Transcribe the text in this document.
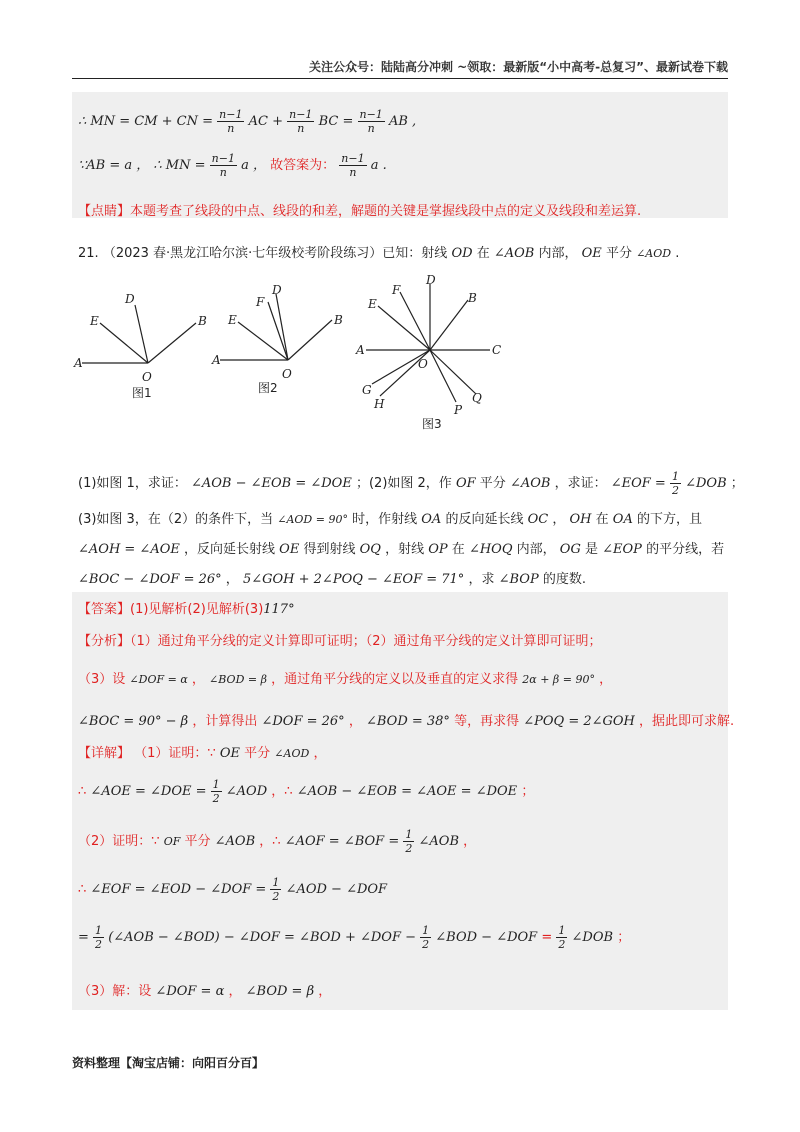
关注公众号：陆陆高分冲刺 ~领取：最新版“小中高考-总复习”、最新试卷下载
∴ MN = CM + CN = $\frac{n-1}{n}$ AC + $\frac{n-1}{n}$ BC = $\frac{n-1}{n}$ AB ,
∵AB = a ， ∴ MN = $\frac{n-1}{n}$ a ， 故答案为： $\frac{n-1}{n}$ a .
【点睛】本题考查了线段的中点、线段的和差，解题的关键是掌握线段中点的定义及线段和差运算.
21. （2023 春·黑龙江哈尔滨·七年级校考阶段练习）已知：射线 OD 在 ∠AOB 内部， OE 平分 ∠AOD .
A
E
D
B
O
图1
A
E
F
D
B
O
图2
A	C
D
B
F
E
O
Q
P
G
H
图3
(1)如图 1，求证： ∠AOB − ∠EOB = ∠DOE ；(2)如图 2，作 OF 平分 ∠AOB ，求证： ∠EOF = $\frac{1}{2}$ ∠DOB ；
(3)如图 3，在（2）的条件下，当 ∠AOD = 90° 时，作射线 OA 的反向延长线 OC ， OH 在 OA 的下方，且
∠AOH = ∠AOE ，反向延长射线 OE 得到射线 OQ ，射线 OP 在 ∠HOQ 内部， OG 是 ∠EOP 的平分线，若
∠BOC − ∠DOF = 26° ， 5∠GOH + 2∠POQ − ∠EOF = 71° ，求 ∠BOP 的度数.
【答案】(1)见解析(2)见解析(3)117°
【分析】（1）通过角平分线的定义计算即可证明；（2）通过角平分线的定义计算即可证明；
（3）设 ∠DOF = α ， ∠BOD = β ，通过角平分线的定义以及垂直的定义求得 2α + β = 90° ，
∠BOC = 90° − β ，计算得出 ∠DOF = 26° ， ∠BOD = 38° 等，再求得 ∠POQ = 2∠GOH ，据此即可求解.
【详解】 （1）证明：∵ OE 平分 ∠AOD ，
∴ ∠AOE = ∠DOE = $\frac{1}{2}$ ∠AOD ，∴ ∠AOB − ∠EOB = ∠AOE = ∠DOE ；
（2）证明：∵ OF 平分 ∠AOB ，∴ ∠AOF = ∠BOF = $\frac{1}{2}$ ∠AOB ，
∴ ∠EOF = ∠EOD − ∠DOF = $\frac{1}{2}$ ∠AOD − ∠DOF
= $\frac{1}{2}$ (∠AOB − ∠BOD) − ∠DOF = ∠BOD + ∠DOF − $\frac{1}{2}$ ∠BOD − ∠DOF = $\frac{1}{2}$ ∠DOB ；
（3）解：设 ∠DOF = α ， ∠BOD = β ，
资料整理【淘宝店铺：向阳百分百】
